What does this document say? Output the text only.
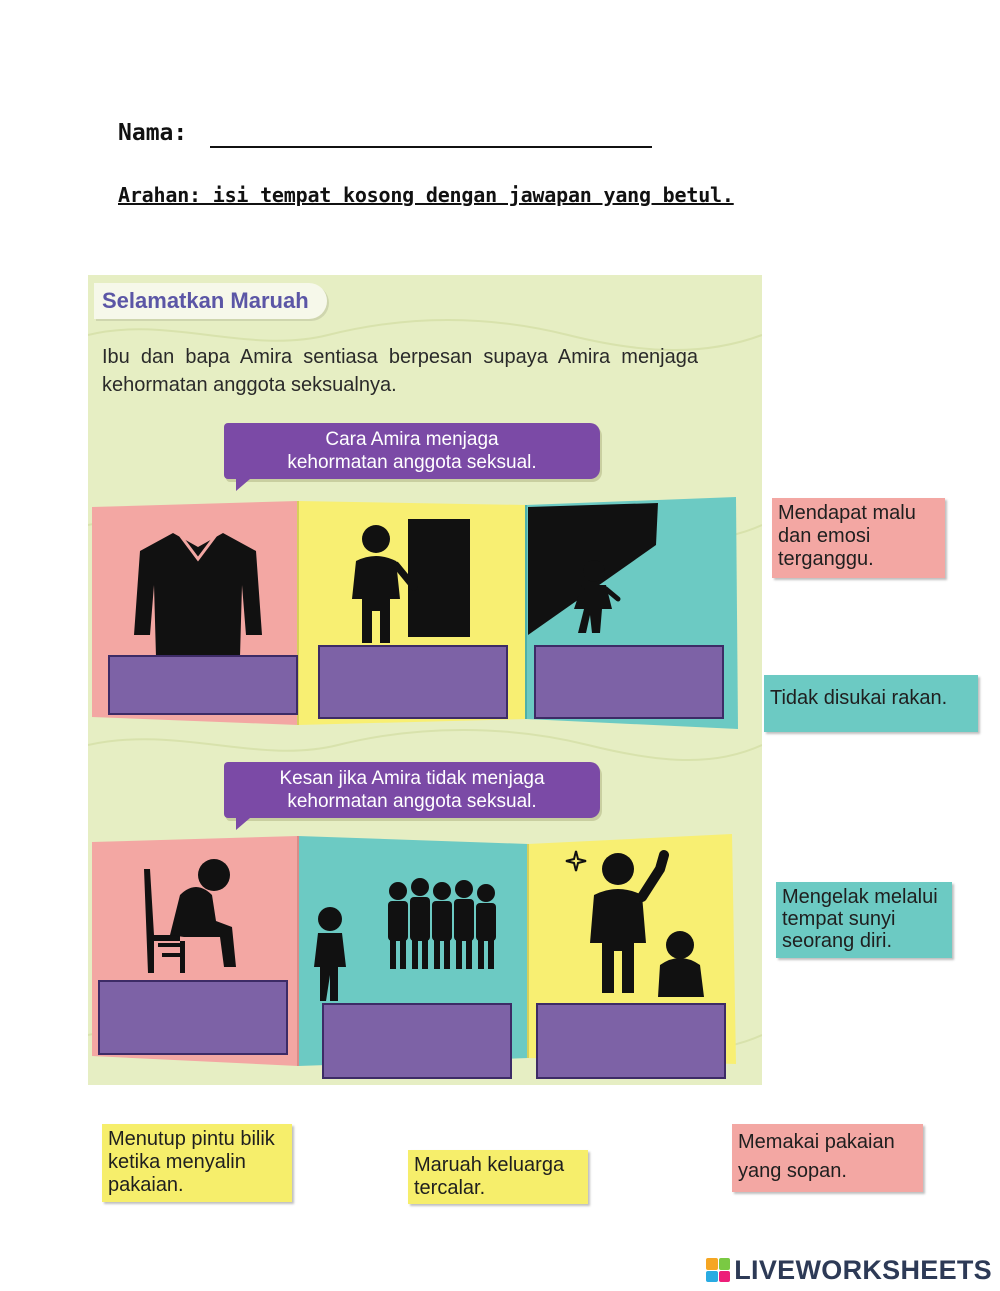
Nama:
Arahan: isi tempat kosong dengan jawapan yang betul.
Selamatkan Maruah
Ibu dan bapa Amira sentiasa berpesan supaya Amira menjaga kehormatan anggota seksualnya.
Cara Amira menjaga
kehormatan anggota seksual.
Kesan jika Amira tidak menjaga
kehormatan anggota seksual.
Mendapat malu dan emosi terganggu.
Tidak disukai rakan.
Mengelak melalui tempat sunyi seorang diri.
Menutup pintu bilik ketika menyalin pakaian.
Maruah keluarga tercalar.
Memakai pakaian yang sopan.
LIVEWORKSHEETS
